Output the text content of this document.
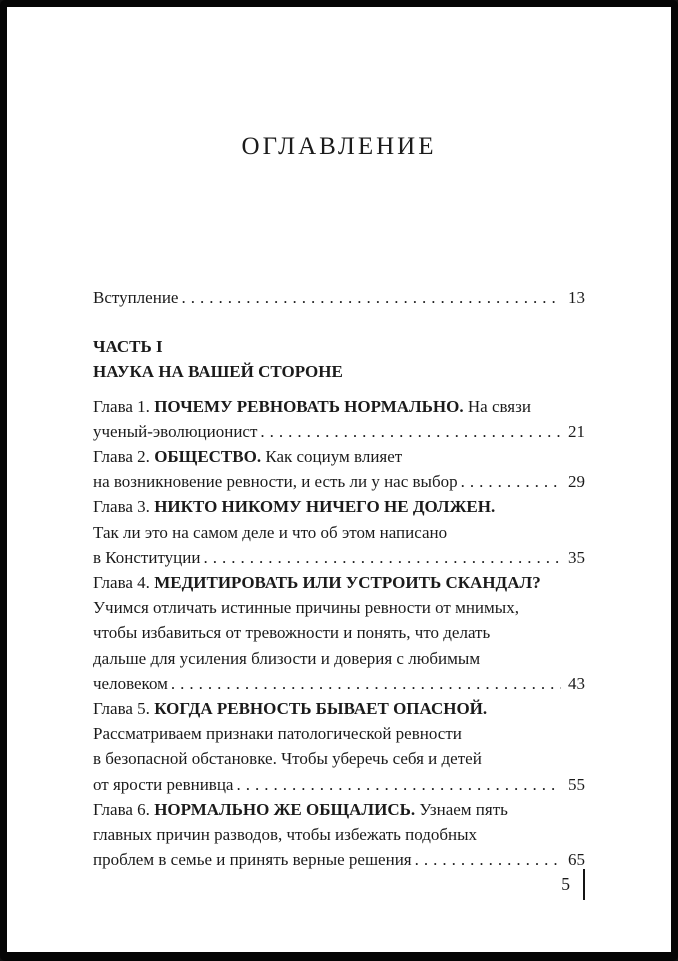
ОГЛАВЛЕНИЕ
Вступление .....	13
ЧАСТЬ I
НАУКА НА ВАШЕЙ СТОРОНЕ
Глава 1. ПОЧЕМУ РЕВНОВАТЬ НОРМАЛЬНО. На связи
ученый-эволюционист .....	21
Глава 2. ОБЩЕСТВО. Как социум влияет
на возникновение ревности, и есть ли у нас выбор .....	29
Глава 3. НИКТО НИКОМУ НИЧЕГО НЕ ДОЛЖЕН.
Так ли это на самом деле и что об этом написано
в Конституции .....	35
Глава 4. МЕДИТИРОВАТЬ ИЛИ УСТРОИТЬ СКАНДАЛ?
Учимся отличать истинные причины ревности от мнимых,
чтобы избавиться от тревожности и понять, что делать
дальше для усиления близости и доверия с любимым
человеком .....	43
Глава 5. КОГДА РЕВНОСТЬ БЫВАЕТ ОПАСНОЙ.
Рассматриваем признаки патологической ревности
в безопасной обстановке. Чтобы уберечь себя и детей
от ярости ревнивца .....	55
Глава 6. НОРМАЛЬНО ЖЕ ОБЩАЛИСЬ. Узнаем пять
главных причин разводов, чтобы избежать подобных
проблем в семье и принять верные решения .....	65
5
